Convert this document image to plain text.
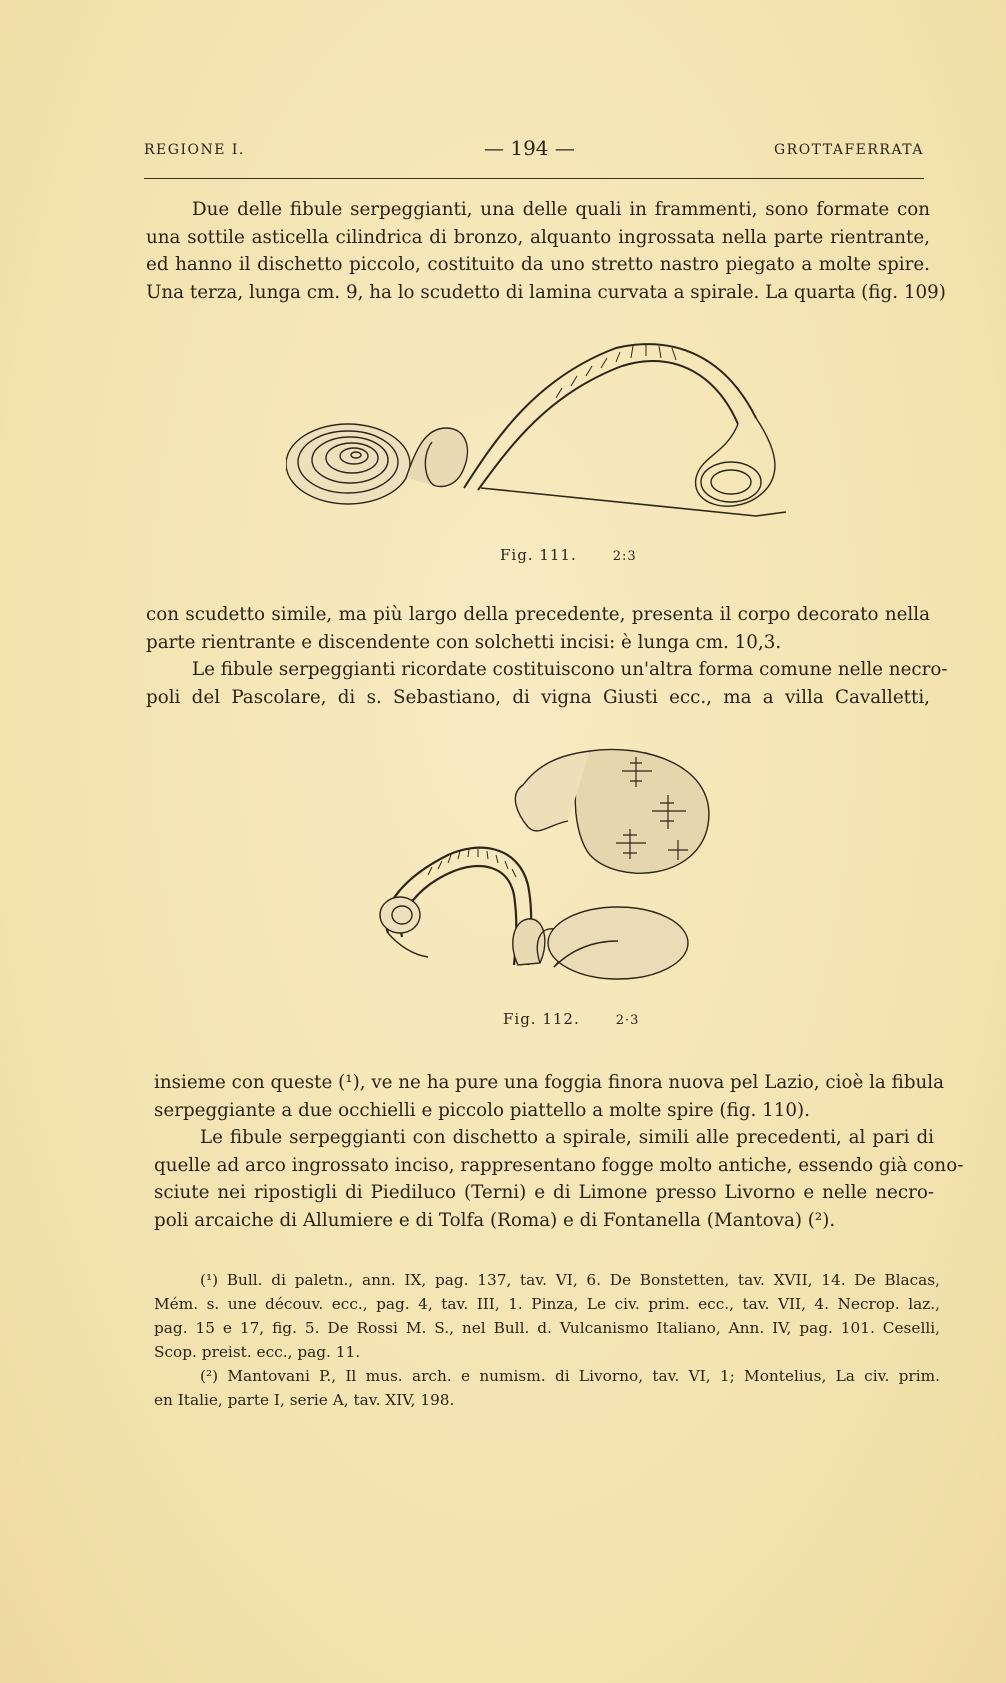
REGIONE I.	— 194 —	GROTTAFERRATA
Due delle fibule serpeggianti, una delle quali in frammenti, sono formate con
una sottile asticella cilindrica di bronzo, alquanto ingrossata nella parte rientrante,
ed hanno il dischetto piccolo, costituito da uno stretto nastro piegato a molte spire.
Una terza, lunga cm. 9, ha lo scudetto di lamina curvata a spirale. La quarta (fig. 109)
Fig. 111.	2:3
con scudetto simile, ma più largo della precedente, presenta il corpo decorato nella
parte rientrante e discendente con solchetti incisi: è lunga cm. 10,3.
Le fibule serpeggianti ricordate costituiscono un'altra forma comune nelle necro-
poli del Pascolare, di s. Sebastiano, di vigna Giusti ecc., ma a villa Cavalletti,
Fig. 112.	2·3
insieme con queste (¹), ve ne ha pure una foggia finora nuova pel Lazio, cioè la fibula
serpeggiante a due occhielli e piccolo piattello a molte spire (fig. 110).
Le fibule serpeggianti con dischetto a spirale, simili alle precedenti, al pari di
quelle ad arco ingrossato inciso, rappresentano fogge molto antiche, essendo già cono-
sciute nei ripostigli di Piediluco (Terni) e di Limone presso Livorno e nelle necro-
poli arcaiche di Allumiere e di Tolfa (Roma) e di Fontanella (Mantova) (²).
(¹) Bull. di paletn., ann. IX, pag. 137, tav. VI, 6. De Bonstetten, tav. XVII, 14. De Blacas,
Mém. s. une découv. ecc., pag. 4, tav. III, 1. Pinza, Le civ. prim. ecc., tav. VII, 4. Necrop. laz.,
pag. 15 e 17, fig. 5. De Rossi M. S., nel Bull. d. Vulcanismo Italiano, Ann. IV, pag. 101. Ceselli,
Scop. preist. ecc., pag. 11.
(²) Mantovani P., Il mus. arch. e numism. di Livorno, tav. VI, 1; Montelius, La civ. prim.
en Italie, parte I, serie A, tav. XIV, 198.
